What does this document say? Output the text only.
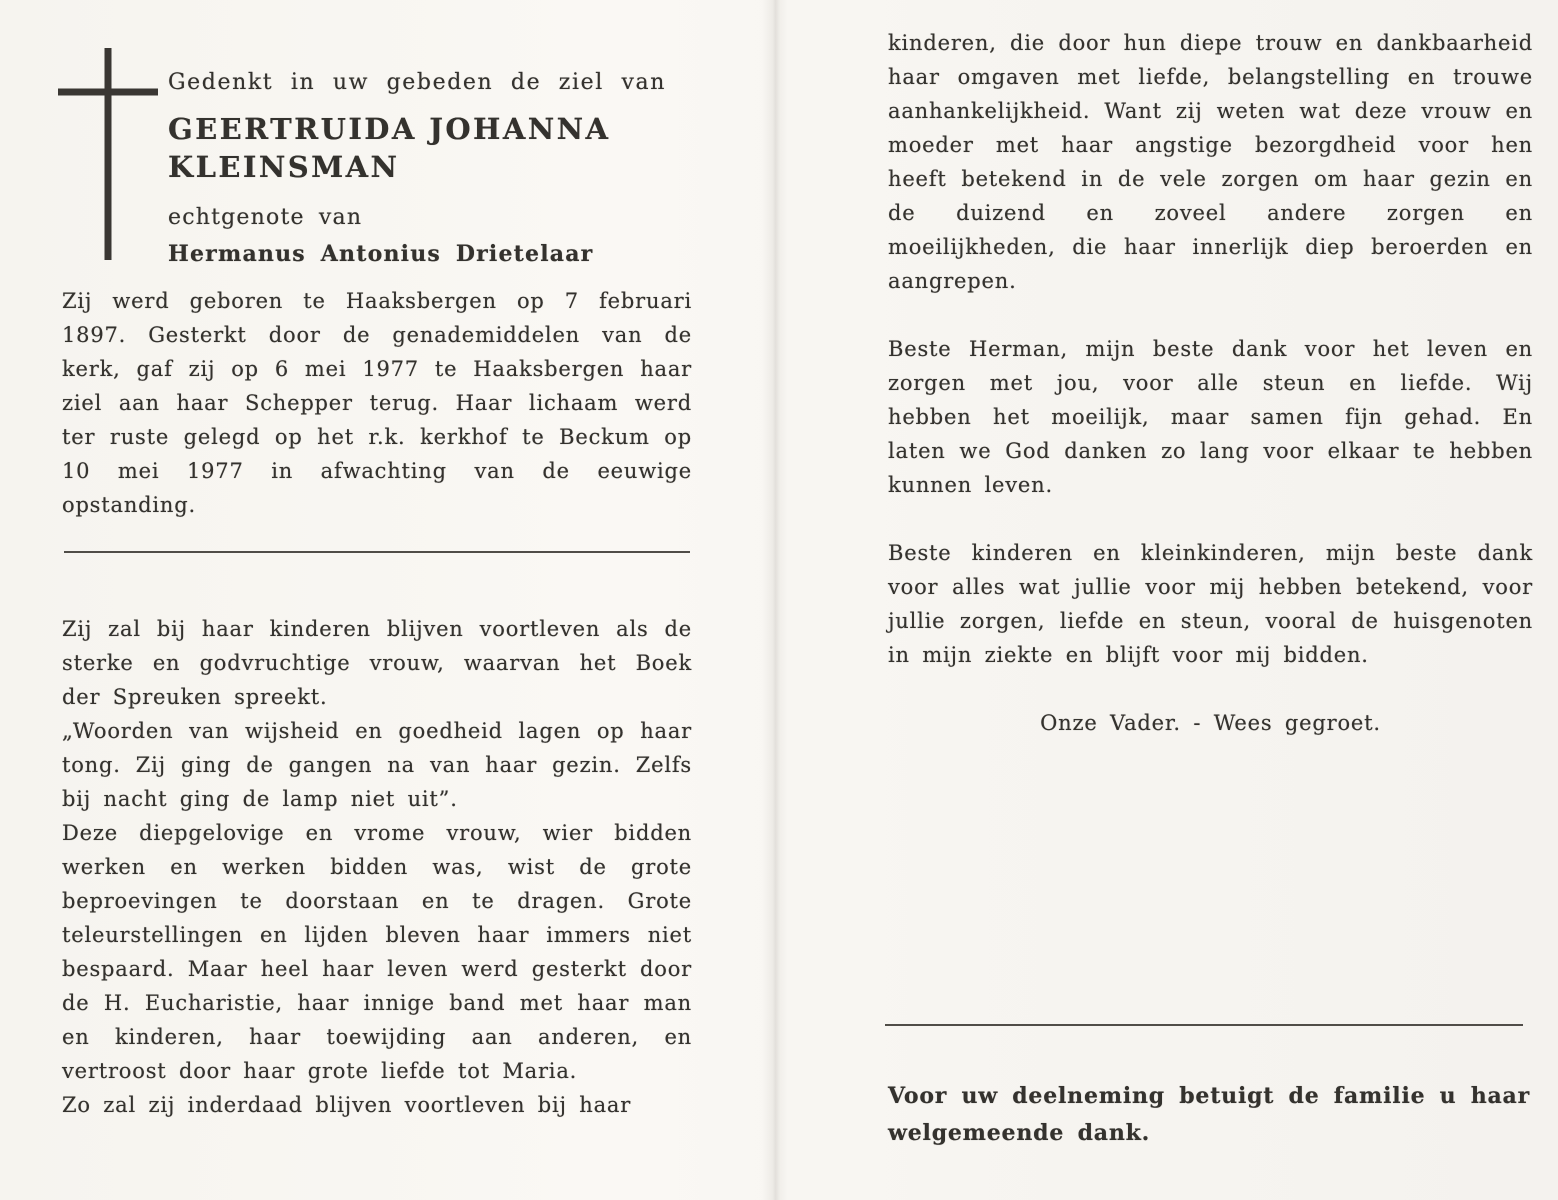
Gedenkt in uw gebeden de ziel van
GEERTRUIDA JOHANNA
KLEINSMAN
echtgenote van
Hermanus Antonius Drietelaar
Zij werd geboren te Haaksbergen op 7 februari 1897. Gesterkt door de genademiddelen van de kerk, gaf zij op 6 mei 1977 te Haaksbergen haar ziel aan haar Schepper terug. Haar lichaam werd ter ruste gelegd op het r.k. kerkhof te Beckum op 10 mei 1977 in afwachting van de eeuwige opstanding.

Zij zal bij haar kinderen blijven voortleven als de sterke en godvruchtige vrouw, waarvan het Boek der Spreuken spreekt.

„Woorden van wijsheid en goedheid lagen op haar tong. Zij ging de gangen na van haar gezin. Zelfs bij nacht ging de lamp niet uit”.

Deze diepgelovige en vrome vrouw, wier bidden werken en werken bidden was, wist de grote beproevingen te doorstaan en te dragen. Grote teleurstellingen en lijden bleven haar immers niet bespaard. Maar heel haar leven werd gesterkt door de H. Eucharistie, haar innige band met haar man en kinderen, haar toewijding aan anderen, en vertroost door haar grote liefde tot Maria.

Zo zal zij inderdaad blijven voortleven bij haar

kinderen, die door hun diepe trouw en dankbaarheid haar omgaven met liefde, belangstelling en trouwe aanhankelijkheid. Want zij weten wat deze vrouw en moeder met haar angstige bezorgdheid voor hen heeft betekend in de vele zorgen om haar gezin en de duizend en zoveel andere zorgen en moeilijkheden, die haar innerlijk diep beroerden en aangrepen.

Beste Herman, mijn beste dank voor het leven en zorgen met jou, voor alle steun en liefde. Wij hebben het moeilijk, maar samen fijn gehad. En laten we God danken zo lang voor elkaar te hebben kunnen leven.

Beste kinderen en kleinkinderen, mijn beste dank voor alles wat jullie voor mij hebben betekend, voor jullie zorgen, liefde en steun, vooral de huisgenoten in mijn ziekte en blijft voor mij bidden.

Onze Vader. - Wees gegroet.

Voor uw deelneming betuigt de familie u haar welgemeende dank.
